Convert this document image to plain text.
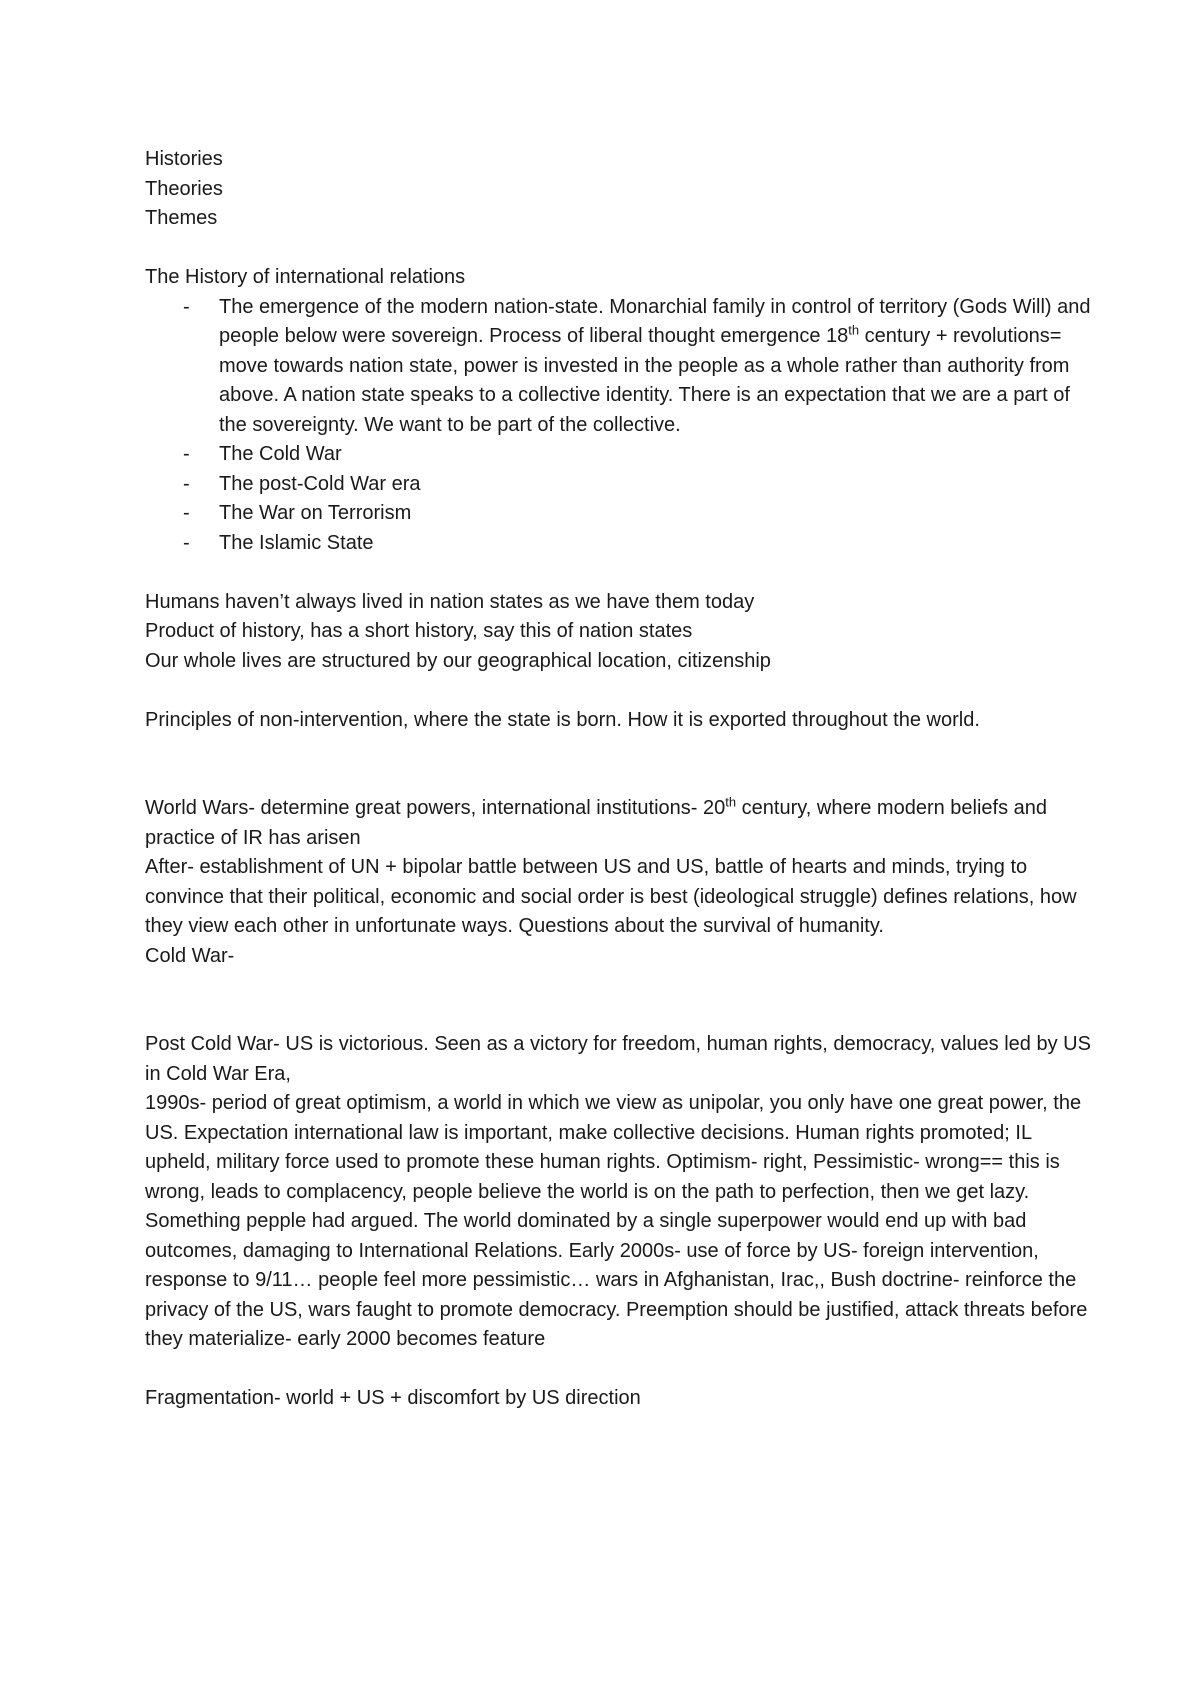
Histories
Theories
Themes
The History of international relations
- The emergence of the modern nation-state. Monarchial family in control of territory (Gods Will) and people below were sovereign. Process of liberal thought emergence 18th century + revolutions= move towards nation state, power is invested in the people as a whole rather than authority from above. A nation state speaks to a collective identity. There is an expectation that we are a part of the sovereignty. We want to be part of the collective.
- The Cold War
- The post-Cold War era
- The War on Terrorism
- The Islamic State
Humans haven’t always lived in nation states as we have them today
Product of history, has a short history, say this of nation states
Our whole lives are structured by our geographical location, citizenship

Principles of non-intervention, where the state is born. How it is exported throughout the world.

World Wars- determine great powers, international institutions- 20th century, where modern beliefs and practice of IR has arisen

After- establishment of UN + bipolar battle between US and US, battle of hearts and minds, trying to convince that their political, economic and social order is best (ideological struggle) defines relations, how they view each other in unfortunate ways. Questions about the survival of humanity.

Cold War-

Post Cold War- US is victorious. Seen as a victory for freedom, human rights, democracy, values led by US in Cold War Era,

1990s- period of great optimism, a world in which we view as unipolar, you only have one great power, the US. Expectation international law is important, make collective decisions. Human rights promoted; IL upheld, military force used to promote these human rights. Optimism- right, Pessimistic- wrong== this is wrong, leads to complacency, people believe the world is on the path to perfection, then we get lazy. Something pepple had argued. The world dominated by a single superpower would end up with bad outcomes, damaging to International Relations. Early 2000s- use of force by US- foreign intervention, response to 9/11… people feel more pessimistic… wars in Afghanistan, Irac,, Bush doctrine- reinforce the privacy of the US, wars faught to promote democracy. Preemption should be justified, attack threats before they materialize- early 2000 becomes feature

Fragmentation- world + US + discomfort by US direction
